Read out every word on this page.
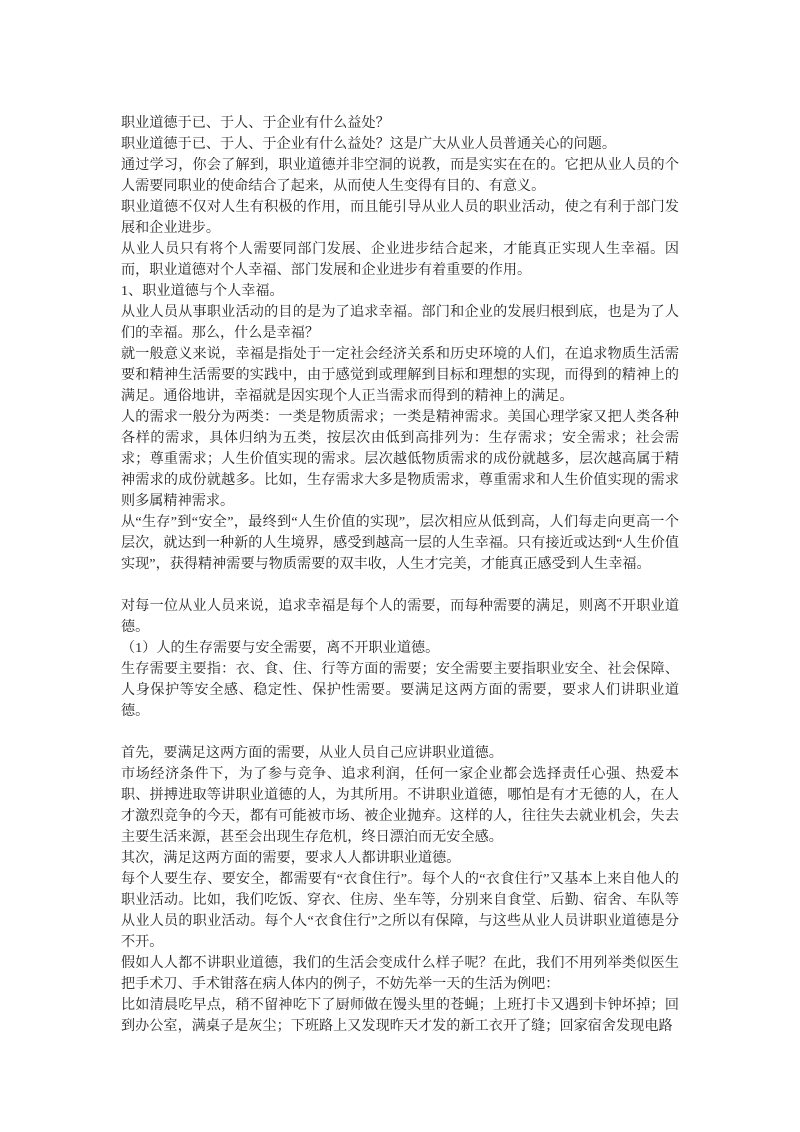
职业道德于已、于人、于企业有什么益处？
职业道德于已、于人、于企业有什么益处？这是广大从业人员普通关心的问题。
通过学习，你会了解到，职业道德并非空洞的说教，而是实实在在的。它把从业人员的个人需要同职业的使命结合了起来，从而使人生变得有目的、有意义。
职业道德不仅对人生有积极的作用，而且能引导从业人员的职业活动，使之有利于部门发展和企业进步。
从业人员只有将个人需要同部门发展、企业进步结合起来，才能真正实现人生幸福。因而，职业道德对个人幸福、部门发展和企业进步有着重要的作用。
1、职业道德与个人幸福。
从业人员从事职业活动的目的是为了追求幸福。部门和企业的发展归根到底，也是为了人们的幸福。那么，什么是幸福？
就一般意义来说，幸福是指处于一定社会经济关系和历史环境的人们，在追求物质生活需要和精神生活需要的实践中，由于感觉到或理解到目标和理想的实现，而得到的精神上的满足。通俗地讲，幸福就是因实现个人正当需求而得到的精神上的满足。
人的需求一般分为两类：一类是物质需求；一类是精神需求。美国心理学家又把人类各种各样的需求，具体归纳为五类，按层次由低到高排列为：生存需求；安全需求；社会需求；尊重需求；人生价值实现的需求。层次越低物质需求的成份就越多，层次越高属于精神需求的成份就越多。比如，生存需求大多是物质需求，尊重需求和人生价值实现的需求则多属精神需求。
从“生存”到“安全”，最终到“人生价值的实现”，层次相应从低到高，人们每走向更高一个层次，就达到一种新的人生境界，感受到越高一层的人生幸福。只有接近或达到“人生价值实现”，获得精神需要与物质需要的双丰收，人生才完美，才能真正感受到人生幸福。
对每一位从业人员来说，追求幸福是每个人的需要，而每种需要的满足，则离不开职业道德。
（1）人的生存需要与安全需要，离不开职业道德。
生存需要主要指：衣、食、住、行等方面的需要；安全需要主要指职业安全、社会保障、人身保护等安全感、稳定性、保护性需要。要满足这两方面的需要，要求人们讲职业道德。
首先，要满足这两方面的需要，从业人员自己应讲职业道德。
市场经济条件下，为了参与竞争、追求利润，任何一家企业都会选择责任心强、热爱本职、拼搏进取等讲职业道德的人，为其所用。不讲职业道德，哪怕是有才无德的人，在人才激烈竞争的今天，都有可能被市场、被企业抛弃。这样的人，往往失去就业机会，失去主要生活来源，甚至会出现生存危机，终日漂泊而无安全感。
其次，满足这两方面的需要，要求人人都讲职业道德。
每个人要生存、要安全，都需要有“衣食住行”。每个人的“衣食住行”又基本上来自他人的职业活动。比如，我们吃饭、穿衣、住房、坐车等，分别来自食堂、后勤、宿舍、车队等从业人员的职业活动。每个人“衣食住行”之所以有保障，与这些从业人员讲职业道德是分不开。
假如人人都不讲职业道德，我们的生活会变成什么样子呢？在此，我们不用列举类似医生把手术刀、手术钳落在病人体内的例子，不妨先举一天的生活为例吧：
比如清晨吃早点，稍不留神吃下了厨师做在馒头里的苍蝇；上班打卡又遇到卡钟坏掉；回到办公室，满桌子是灰尘；下班路上又发现昨天才发的新工衣开了缝；回家宿舍发现电路
